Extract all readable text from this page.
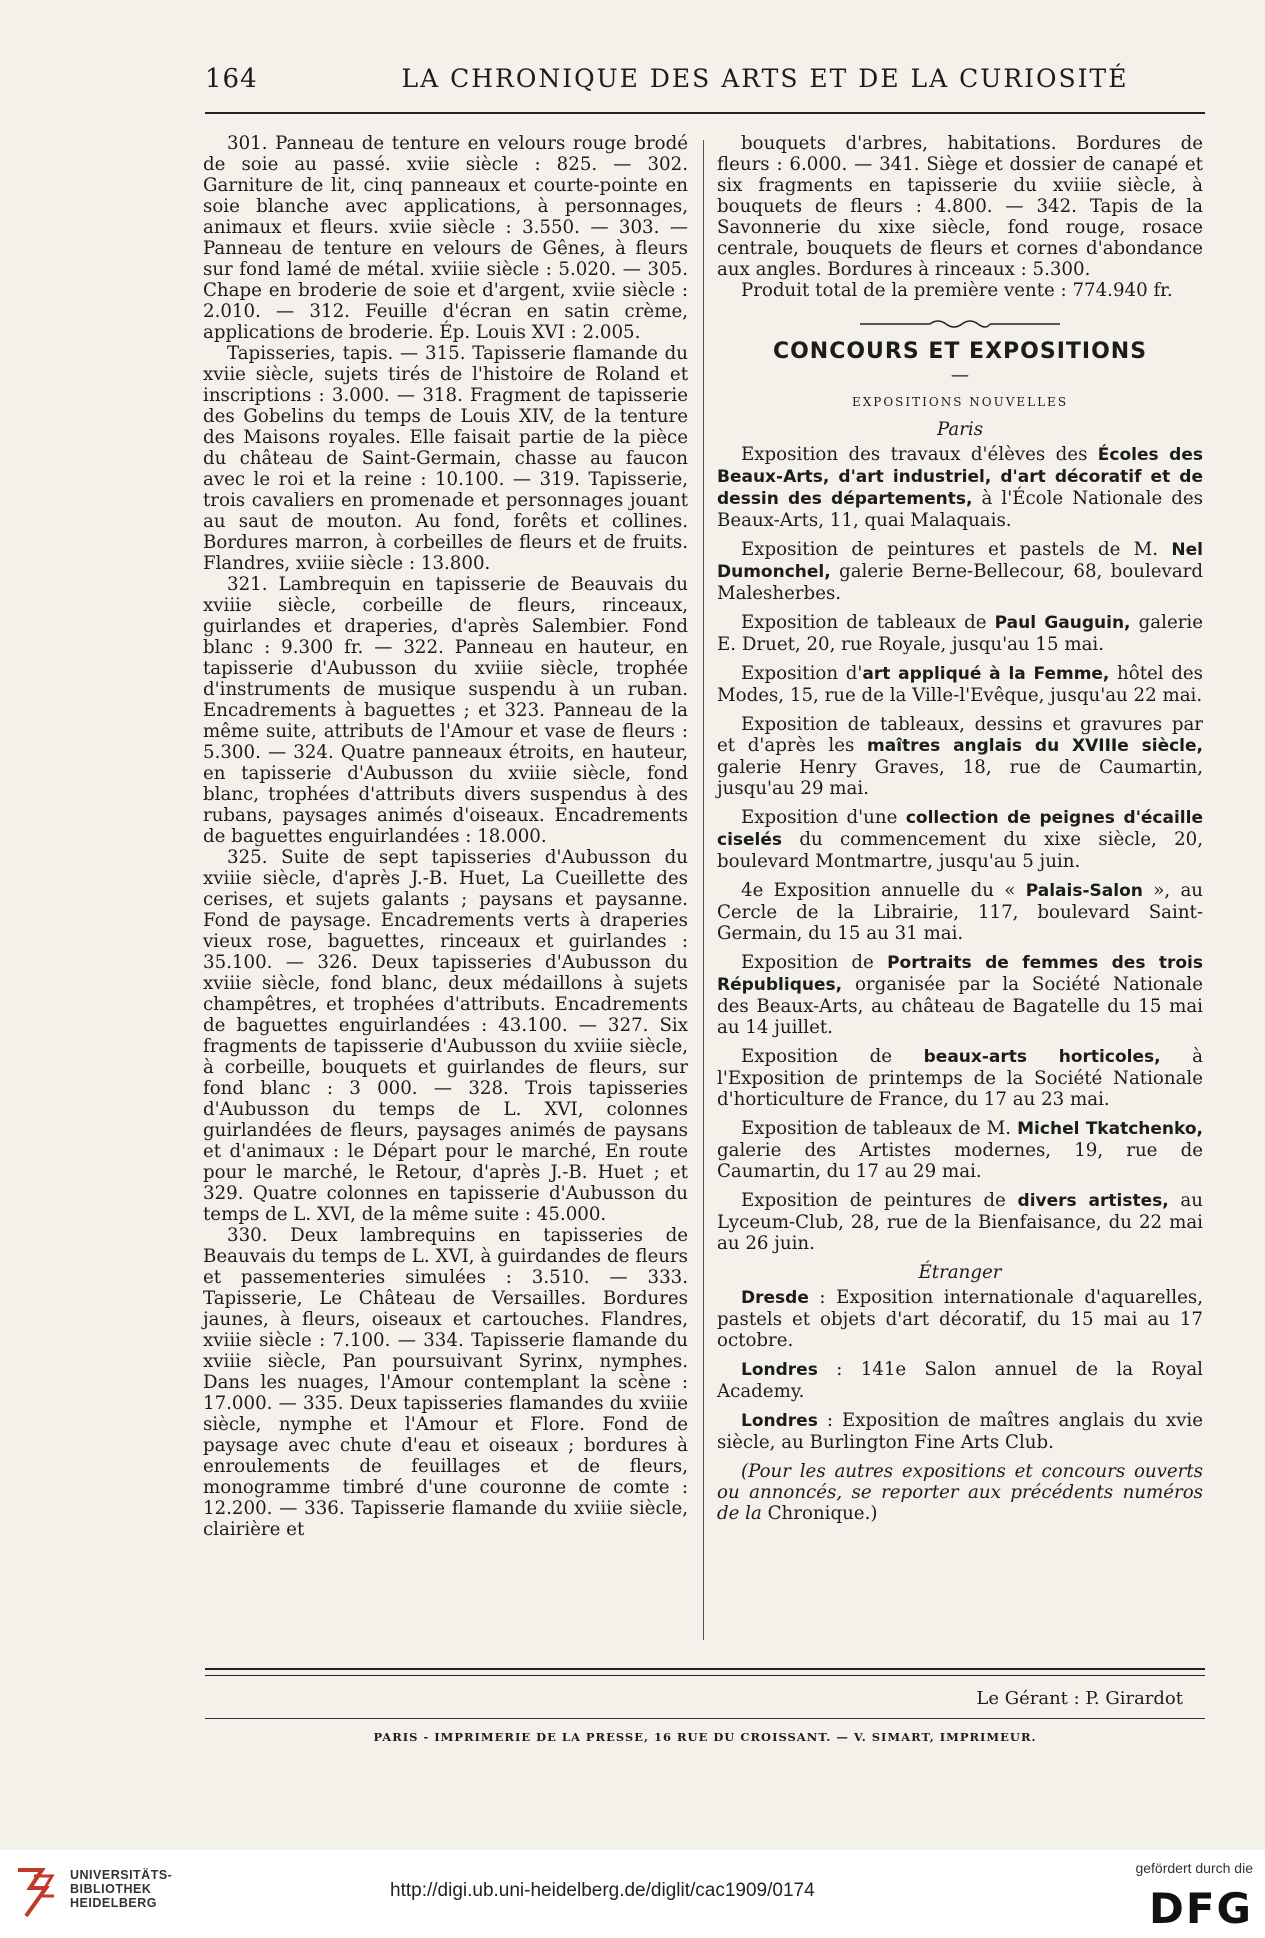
164	LA CHRONIQUE DES ARTS ET DE LA CURIOSITÉ

301. Panneau de tenture en velours rouge brodé de soie au passé. xviie siècle : 825. — 302. Garniture de lit, cinq panneaux et courte-pointe en soie blanche avec applications, à personnages, animaux et fleurs. xviie siècle : 3.550. — 303. — Panneau de tenture en velours de Gênes, à fleurs sur fond lamé de métal. xviiie siècle : 5.020. — 305. Chape en broderie de soie et d'argent, xviie siècle : 2.010. — 312. Feuille d'écran en satin crème, applications de broderie. Ép. Louis XVI : 2.005.

Tapisseries, tapis. — 315. Tapisserie flamande du xviie siècle, sujets tirés de l'histoire de Roland et inscriptions : 3.000. — 318. Fragment de tapisserie des Gobelins du temps de Louis XIV, de la tenture des Maisons royales. Elle faisait partie de la pièce du château de Saint-Germain, chasse au faucon avec le roi et la reine : 10.100. — 319. Tapisserie, trois cavaliers en promenade et personnages jouant au saut de mouton. Au fond, forêts et collines. Bordures marron, à corbeilles de fleurs et de fruits. Flandres, xviiie siècle : 13.800.

321. Lambrequin en tapisserie de Beauvais du xviiie siècle, corbeille de fleurs, rinceaux, guirlandes et draperies, d'après Salembier. Fond blanc : 9.300 fr. — 322. Panneau en hauteur, en tapisserie d'Aubusson du xviiie siècle, trophée d'instruments de musique suspendu à un ruban. Encadrements à baguettes ; et 323. Panneau de la même suite, attributs de l'Amour et vase de fleurs : 5.300. — 324. Quatre panneaux étroits, en hauteur, en tapisserie d'Aubusson du xviiie siècle, fond blanc, trophées d'attributs divers suspendus à des rubans, paysages animés d'oiseaux. Encadrements de baguettes enguirlandées : 18.000.

325. Suite de sept tapisseries d'Aubusson du xviiie siècle, d'après J.-B. Huet, La Cueillette des cerises, et sujets galants ; paysans et paysanne. Fond de paysage. Encadrements verts à draperies vieux rose, baguettes, rinceaux et guirlandes : 35.100. — 326. Deux tapisseries d'Aubusson du xviiie siècle, fond blanc, deux médaillons à sujets champêtres, et trophées d'attributs. Encadrements de baguettes enguirlandées : 43.100. — 327. Six fragments de tapisserie d'Aubusson du xviiie siècle, à corbeille, bouquets et guirlandes de fleurs, sur fond blanc : 3 000. — 328. Trois tapisseries d'Aubusson du temps de L. XVI, colonnes guirlandées de fleurs, paysages animés de paysans et d'animaux : le Départ pour le marché, En route pour le marché, le Retour, d'après J.-B. Huet ; et 329. Quatre colonnes en tapisserie d'Aubusson du temps de L. XVI, de la même suite : 45.000.

330. Deux lambrequins en tapisseries de Beauvais du temps de L. XVI, à guirdandes de fleurs et passementeries simulées : 3.510. — 333. Tapisserie, Le Château de Versailles. Bordures jaunes, à fleurs, oiseaux et cartouches. Flandres, xviiie siècle : 7.100. — 334. Tapisserie flamande du xviiie siècle, Pan poursuivant Syrinx, nymphes. Dans les nuages, l'Amour contemplant la scène : 17.000. — 335. Deux tapisseries flamandes du xviiie siècle, nymphe et l'Amour et Flore. Fond de paysage avec chute d'eau et oiseaux ; bordures à enroulements de feuillages et de fleurs, monogramme timbré d'une couronne de comte : 12.200. — 336. Tapisserie flamande du xviiie siècle, clairière et

bouquets d'arbres, habitations. Bordures de fleurs : 6.000. — 341. Siège et dossier de canapé et six fragments en tapisserie du xviiie siècle, à bouquets de fleurs : 4.800. — 342. Tapis de la Savonnerie du xixe siècle, fond rouge, rosace centrale, bouquets de fleurs et cornes d'abondance aux angles. Bordures à rinceaux : 5.300.

Produit total de la première vente : 774.940 fr.

CONCOURS ET EXPOSITIONS
—
EXPOSITIONS NOUVELLES
Paris

Exposition des travaux d'élèves des Écoles des Beaux-Arts, d'art industriel, d'art décoratif et de dessin des départements, à l'École Nationale des Beaux-Arts, 11, quai Malaquais.

Exposition de peintures et pastels de M. Nel Dumonchel, galerie Berne-Bellecour, 68, boulevard Malesherbes.

Exposition de tableaux de Paul Gauguin, galerie E. Druet, 20, rue Royale, jusqu'au 15 mai.

Exposition d'art appliqué à la Femme, hôtel des Modes, 15, rue de la Ville-l'Evêque, jusqu'au 22 mai.

Exposition de tableaux, dessins et gravures par et d'après les maîtres anglais du XVIIIe siècle, galerie Henry Graves, 18, rue de Caumartin, jusqu'au 29 mai.

Exposition d'une collection de peignes d'écaille ciselés du commencement du xixe siècle, 20, boulevard Montmartre, jusqu'au 5 juin.

4e Exposition annuelle du « Palais-Salon », au Cercle de la Librairie, 117, boulevard Saint-Germain, du 15 au 31 mai.

Exposition de Portraits de femmes des trois Républiques, organisée par la Société Nationale des Beaux-Arts, au château de Bagatelle du 15 mai au 14 juillet.

Exposition de beaux-arts horticoles, à l'Exposition de printemps de la Société Nationale d'horticulture de France, du 17 au 23 mai.

Exposition de tableaux de M. Michel Tkatchenko, galerie des Artistes modernes, 19, rue de Caumartin, du 17 au 29 mai.

Exposition de peintures de divers artistes, au Lyceum-Club, 28, rue de la Bienfaisance, du 22 mai au 26 juin.

Étranger

Dresde : Exposition internationale d'aquarelles, pastels et objets d'art décoratif, du 15 mai au 17 octobre.

Londres : 141e Salon annuel de la Royal Academy.

Londres : Exposition de maîtres anglais du xvie siècle, au Burlington Fine Arts Club.

(Pour les autres expositions et concours ouverts ou annoncés, se reporter aux précédents numéros de la Chronique.)

Le Gérant : P. Girardot
PARIS - IMPRIMERIE DE LA PRESSE, 16 RUE DU CROISSANT. — V. SIMART, IMPRIMEUR.
UNIVERSITÄTS-
BIBLIOTHEK
HEIDELBERG
http://digi.ub.uni-heidelberg.de/diglit/cac1909/0174
gefördert durch die
DFG
